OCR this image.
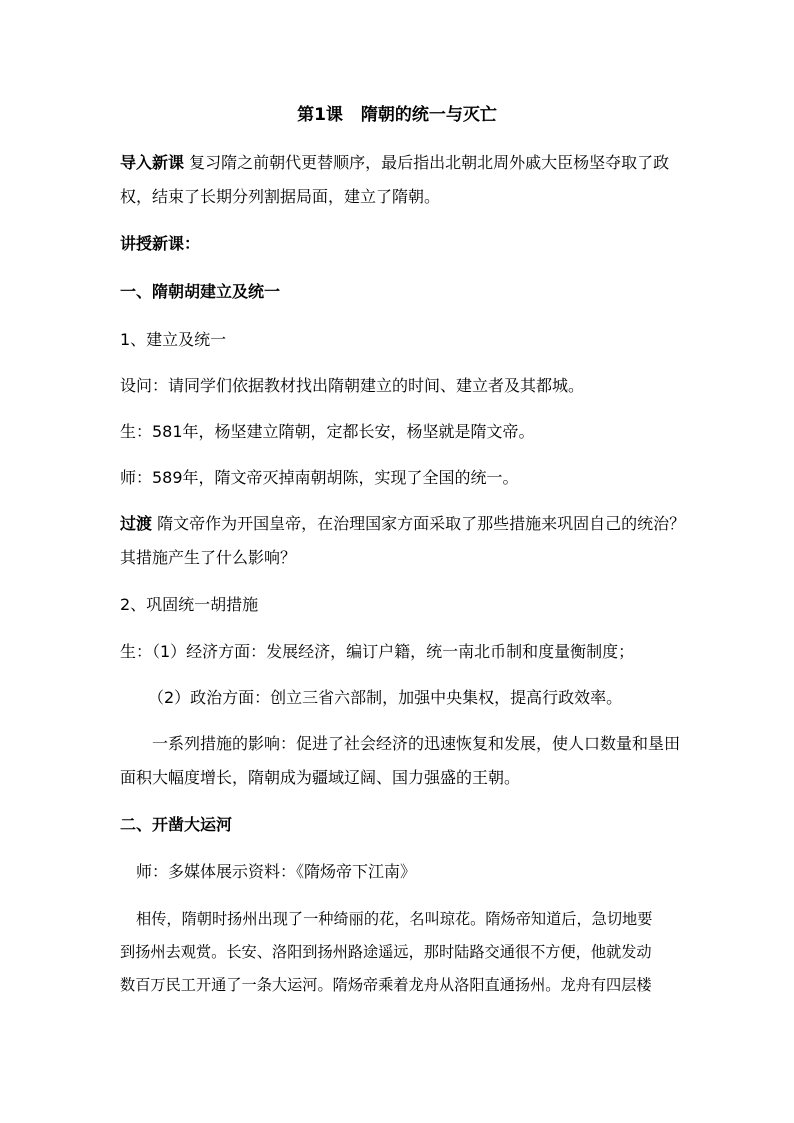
第1课 隋朝的统一与灭亡
导入新课 复习隋之前朝代更替顺序，最后指出北朝北周外戚大臣杨坚夺取了政
权，结束了长期分列割据局面，建立了隋朝。
讲授新课：
一、隋朝胡建立及统一
1、建立及统一
设问：请同学们依据教材找出隋朝建立的时间、建立者及其都城。
生：581年，杨坚建立隋朝，定都长安，杨坚就是隋文帝。
师：589年，隋文帝灭掉南朝胡陈，实现了全国的统一。
过渡 隋文帝作为开国皇帝，在治理国家方面采取了那些措施来巩固自己的统治？
其措施产生了什么影响？
2、巩固统一胡措施
生：（1）经济方面：发展经济，编订户籍，统一南北币制和度量衡制度；
（2）政治方面：创立三省六部制，加强中央集权，提高行政效率。
一系列措施的影响：促进了社会经济的迅速恢复和发展，使人口数量和垦田
面积大幅度增长，隋朝成为疆域辽阔、国力强盛的王朝。
二、开凿大运河
师：多媒体展示资料：《隋炀帝下江南》
相传，隋朝时扬州出现了一种绮丽的花，名叫琼花。隋炀帝知道后，急切地要
到扬州去观赏。长安、洛阳到扬州路途遥远，那时陆路交通很不方便，他就发动
数百万民工开通了一条大运河。隋炀帝乘着龙舟从洛阳直通扬州。龙舟有四层楼
